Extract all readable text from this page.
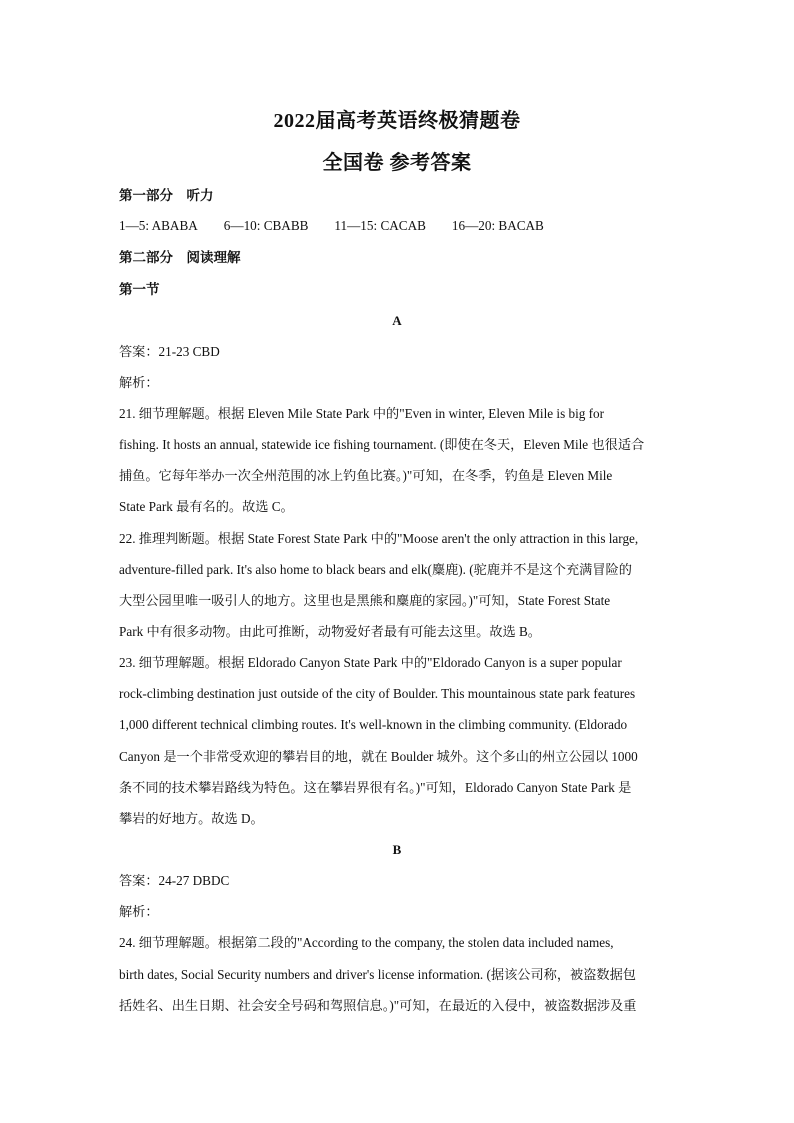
2022届高考英语终极猜题卷
全国卷 参考答案
第一部分　听力
1—5: ABABA 6—10: CBABB 11—15: CACAB 16—20: BACAB
第二部分　阅读理解
第一节
A
答案：21-23 CBD
解析：
21. 细节理解题。根据 Eleven Mile State Park 中的"Even in winter, Eleven Mile is big for
fishing. It hosts an annual, statewide ice fishing tournament. (即使在冬天，Eleven Mile 也很适合
捕鱼。它每年举办一次全州范围的冰上钓鱼比赛。)"可知，在冬季，钓鱼是 Eleven Mile
State Park 最有名的。故选 C。
22. 推理判断题。根据 State Forest State Park 中的"Moose aren't the only attraction in this large,
adventure-filled park. It's also home to black bears and elk(麋鹿). (驼鹿并不是这个充满冒险的
大型公园里唯一吸引人的地方。这里也是黑熊和麋鹿的家园。)"可知，State Forest State
Park 中有很多动物。由此可推断，动物爱好者最有可能去这里。故选 B。
23. 细节理解题。根据 Eldorado Canyon State Park 中的"Eldorado Canyon is a super popular
rock-climbing destination just outside of the city of Boulder. This mountainous state park features
1,000 different technical climbing routes. It's well-known in the climbing community. (Eldorado
Canyon 是一个非常受欢迎的攀岩目的地，就在 Boulder 城外。这个多山的州立公园以 1000
条不同的技术攀岩路线为特色。这在攀岩界很有名。)"可知，Eldorado Canyon State Park 是
攀岩的好地方。故选 D。
B
答案：24-27 DBDC
解析：
24. 细节理解题。根据第二段的"According to the company, the stolen data included names,
birth dates, Social Security numbers and driver's license information. (据该公司称，被盗数据包
括姓名、出生日期、社会安全号码和驾照信息。)"可知，在最近的入侵中，被盗数据涉及重
